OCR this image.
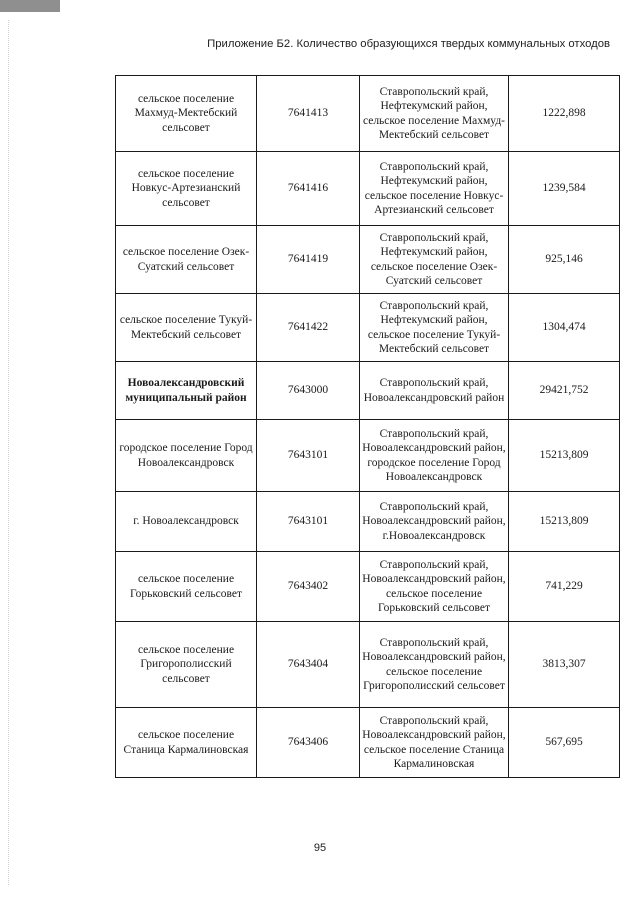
Приложение Б2. Количество образующихся твердых коммунальных отходов
сельское поселение Махмуд-Мектебский сельсовет	7641413	Ставропольский край, Нефтекумский район, сельское поселение Махмуд-Мектебский сельсовет	1222,898
сельское поселение Новкус-Артезианский сельсовет	7641416	Ставропольский край, Нефтекумский район, сельское поселение Новкус-Артезианский сельсовет	1239,584
сельское поселение Озек-Суатский сельсовет	7641419	Ставропольский край, Нефтекумский район, сельское поселение Озек-Суатский сельсовет	925,146
сельское поселение Тукуй-Мектебский сельсовет	7641422	Ставропольский край, Нефтекумский район, сельское поселение Тукуй-Мектебский сельсовет	1304,474
Новоалександровский муниципальный район	7643000	Ставропольский край, Новоалександровский район	29421,752
городское поселение Город Новоалександровск	7643101	Ставропольский край, Новоалександровский район, городское поселение Город Новоалександровск	15213,809
г. Новоалександровск	7643101	Ставропольский край, Новоалександровский район, г.Новоалександровск	15213,809
сельское поселение Горьковский сельсовет	7643402	Ставропольский край, Новоалександровский район, сельское поселение Горьковский сельсовет	741,229
сельское поселение Григорополисский сельсовет	7643404	Ставропольский край, Новоалександровский район, сельское поселение Григорополисский сельсовет	3813,307
сельское поселение Станица Кармалиновская	7643406	Ставропольский край, Новоалександровский район, сельское поселение Станица Кармалиновская	567,695
95
